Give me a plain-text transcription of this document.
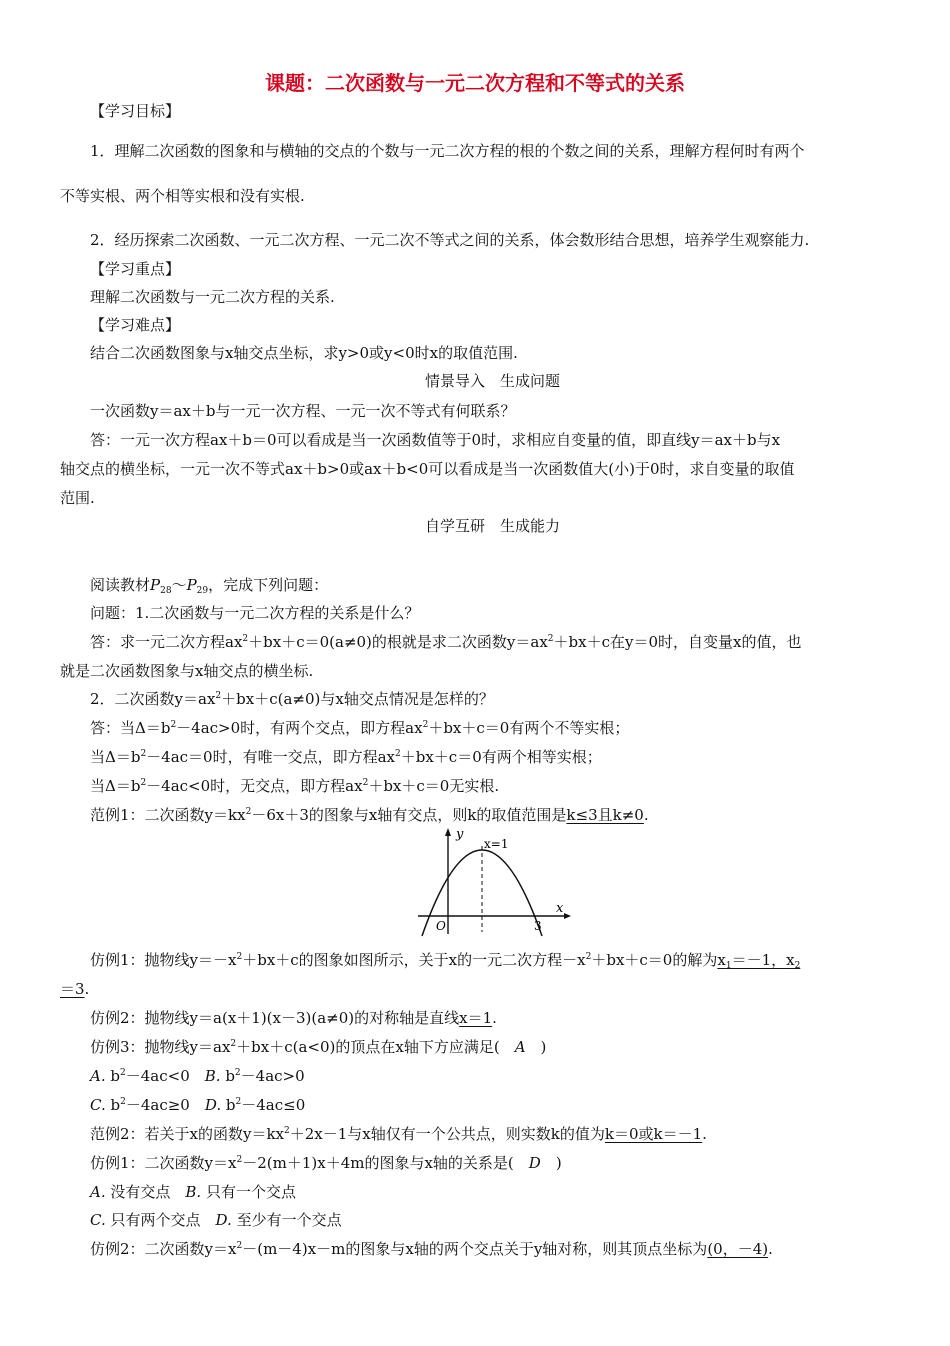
课题：二次函数与一元二次方程和不等式的关系
【学习目标】
1．理解二次函数的图象和与横轴的交点的个数与一元二次方程的根的个数之间的关系，理解方程何时有两个
不等实根、两个相等实根和没有实根.
2．经历探索二次函数、一元二次方程、一元二次不等式之间的关系，体会数形结合思想，培养学生观察能力.
【学习重点】
理解二次函数与一元二次方程的关系.
【学习难点】
结合二次函数图象与x轴交点坐标，求y>0或y<0时x的取值范围.
情景导入　生成问题
一次函数y＝ax＋b与一元一次方程、一元一次不等式有何联系？
答：一元一次方程ax＋b＝0可以看成是当一次函数值等于0时，求相应自变量的值，即直线y＝ax＋b与x
轴交点的横坐标，一元一次不等式ax＋b>0或ax＋b<0可以看成是当一次函数值大(小)于0时，求自变量的取值
范围.
自学互研　生成能力
阅读教材$P_{28}\sim P_{29}$，完成下列问题：
问题：1.二次函数与一元二次方程的关系是什么？
答：求一元二次方程$ax^2+bx+c=0(a\ne 0)$的根就是求二次函数$y=ax^2+bx+c$在y＝0时，自变量x的值，也
就是二次函数图象与x轴交点的横坐标.
2．二次函数$y=ax^2+bx+c(a\ne 0)$与x轴交点情况是怎样的？
答：当$\Delta=b^2-4ac>0$时，有两个交点，即方程$ax^2+bx+c=0$有两个不等实根；
当$\Delta=b^2-4ac=0$时，有唯一交点，即方程$ax^2+bx+c=0$有两个相等实根；
当$\Delta=b^2-4ac<0$时，无交点，即方程$ax^2+bx+c=0$无实根.
范例1：二次函数$y=kx^2-6x+3$的图象与x轴有交点，则k的取值范围是k≤3且k≠0.
y
x=1
O	3
x
仿例1：抛物线$y=-x^2+bx+c$的图象如图所示，关于x的一元二次方程$-x^2+bx+c=0$的解为$x_1=-1$，$x_2$
＝3.
仿例2：抛物线y＝a(x＋1)(x－3)(a≠0)的对称轴是直线x＝1.
仿例3：抛物线$y=ax^2+bx+c(a<0)$的顶点在x轴下方应满足(　A　)
A. $b^2-4ac<0$　B. $b^2-4ac>0$
C. $b^2-4ac\ge 0$　D. $b^2-4ac\le 0$
范例2：若关于x的函数$y=kx^2+2x-1$与x轴仅有一个公共点，则实数k的值为k＝0或k＝－1.
仿例1：二次函数$y=x^2-2(m+1)x+4m$的图象与x轴的关系是(　D　)
A. 没有交点　B. 只有一个交点
C. 只有两个交点　D. 至少有一个交点
仿例2：二次函数$y=x^2-(m-4)x-m$的图象与x轴的两个交点关于y轴对称，则其顶点坐标为(0，－4).
